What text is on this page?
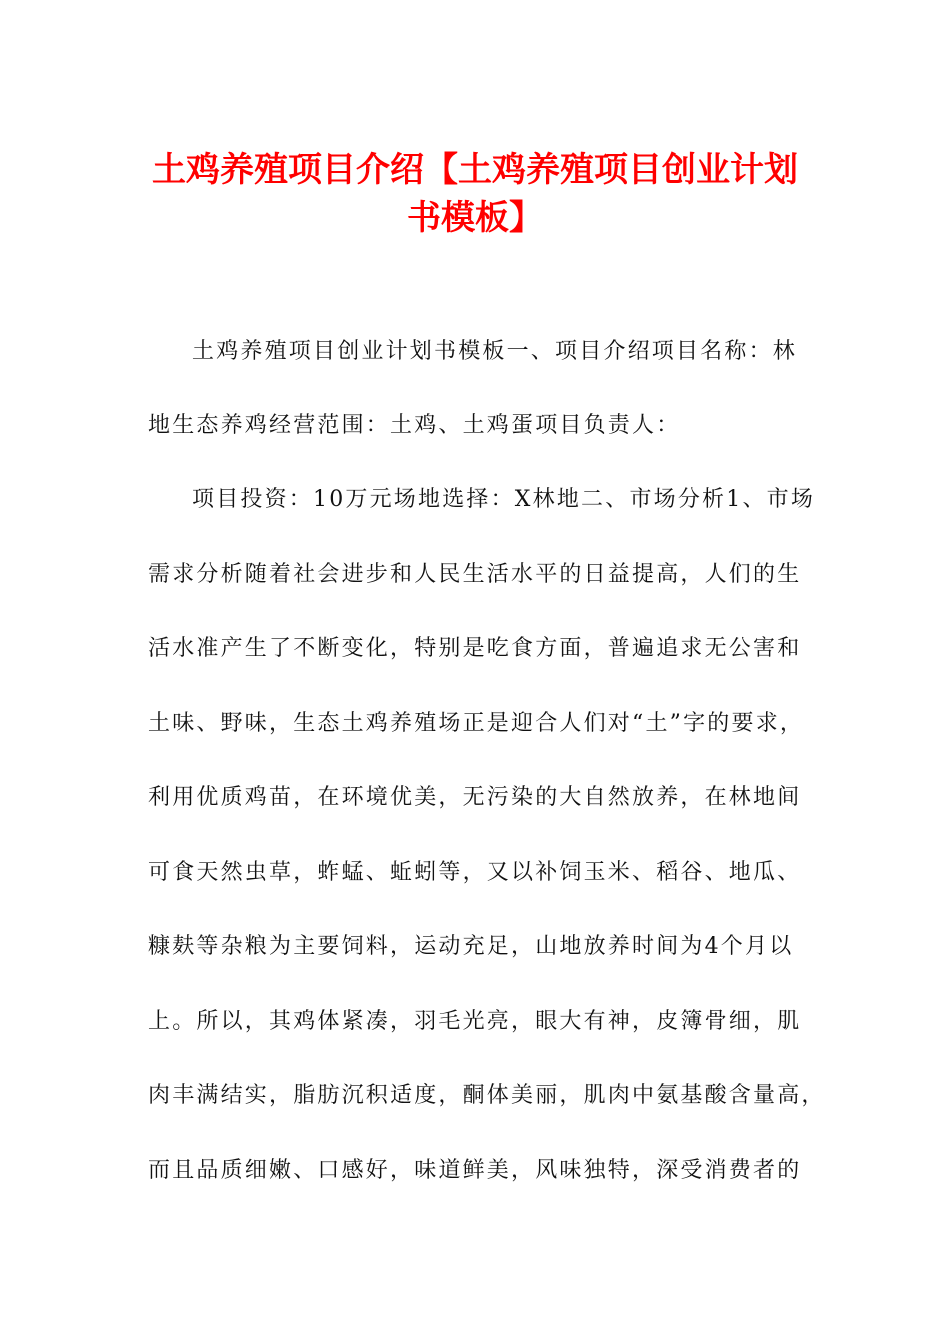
土鸡养殖项目介绍【土鸡养殖项目创业计划
书模板】
土鸡养殖项目创业计划书模板一、项目介绍项目名称：林
地生态养鸡经营范围：土鸡、土鸡蛋项目负责人：
项目投资：10万元场地选择：X林地二、市场分析1、市场
需求分析随着社会进步和人民生活水平的日益提高，人们的生
活水准产生了不断变化，特别是吃食方面，普遍追求无公害和
土味、野味，生态土鸡养殖场正是迎合人们对“土”字的要求，
利用优质鸡苗，在环境优美，无污染的大自然放养，在林地间
可食天然虫草，蚱蜢、蚯蚓等，又以补饲玉米、稻谷、地瓜、
糠麸等杂粮为主要饲料，运动充足，山地放养时间为4个月以
上。所以，其鸡体紧凑，羽毛光亮，眼大有神，皮簿骨细，肌
肉丰满结实，脂肪沉积适度，酮体美丽，肌肉中氨基酸含量高，
而且品质细嫩、口感好，味道鲜美，风味独特，深受消费者的
